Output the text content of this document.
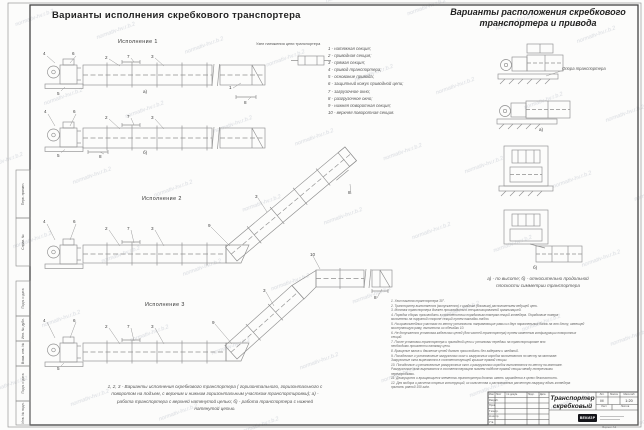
Варианты исполнения скребкового транспортера	Варианты расположения скребкового
транспортера и привода
Исполнение 1	Узел натяжения цепи транспортера
Исполнение 2
Исполнение 3
Опора транспортера
1 - натяжная секция;
2 - приводная секция;
3 - прямая секция;
4 - привод транспортера;
5 - основание привода;
6 - защитный кожух приводной цепи;
7 - загрузочное окно;
8 - разгрузочное окно;
9 - нижняя поворотная секция;
10 - верхняя поворотная секция.
4	6
2	7	3
5
1
8
а)
4	6
2	7	3
8
5
б)
4	6
2	7	3
9
3
8
4	6
2	7	3
9
5
3
8
10
а)
б)
1, 2, 3 - Варианты исполнения скребкового транспортера ( горизонтального, горизонтального с
поворотом на подъем, с верхним и нижним горизонтальным участком транспортировки); а) -
работа транспортера с верхней натянутой цепью; б) - работа транспортера с нижней
натянутой цепью.
а) - по высоте; б) - относительно продольной
плоскости симметрии транспортера
1. Угол наклона транспортера 30°.
2. Транспортер выполняется (выпускается) с крайним (боковым) расположением ведущей цепи.
3. Монтаж транспортера должен производиться специализированной организацией.
4. Порядок сборки производить в соответствии порядковым номерам секций конвейера. Порядковые номера
выполнены на наружной стороне секций путем накладки табло.
5. На криволинейных участках по месту установить направляющие рамы из двух параллельных балок на всю длину, имеющей
выступающую раму, выполнить из обечайки 10.
6. Не допускается установка кабельных цепей (для частей транспортера) путем изменения конфигурации поворотных
секций.
7. После установки транспортера и приводной цепи и установки передачи на транспортировке всю
необходимо произвести натяжку цепи.
8. Вращение валов и движение цепей должно происходить без задержек и заеданий.
9. Посадочные и установочные загрузочных окон и загрузочных коробок выполняются по месту на монтаже.
Загрузочные окна вырезаются в соответствующей крышке прямой секции.
10. Посадочные и установочные разгрузочных окон и разгрузочных коробок выполняются по месту на монтаже.
Разгрузочные окна вырезаются в соответствующем нижнем поддоне прямой секции между поперечными
перегородками.
11. Движущиеся и вращающиеся элементы транспортера должны иметь ограждения в целях безопасности.
12. Для выбора и расчета опорных конструкций, их количества и расположения расчетную нагрузку вдоль конвейера
принять равной 150 кг/м.
Перв. примен.
Справ. №
Подп. и дата
Инв. № дубл.
Взам. инв. №
Подп. и дата
Инв. № подл.
Изм. Лист № докум.	Подп. Дата
Разраб.
Пров.
Т.контр.
Н.контр.
Утв.
Транспортер
скребковый
Лит.	Масса	Масштаб
М	1:20
Лист	Листов
ВЕКИЗР
Формат А1
